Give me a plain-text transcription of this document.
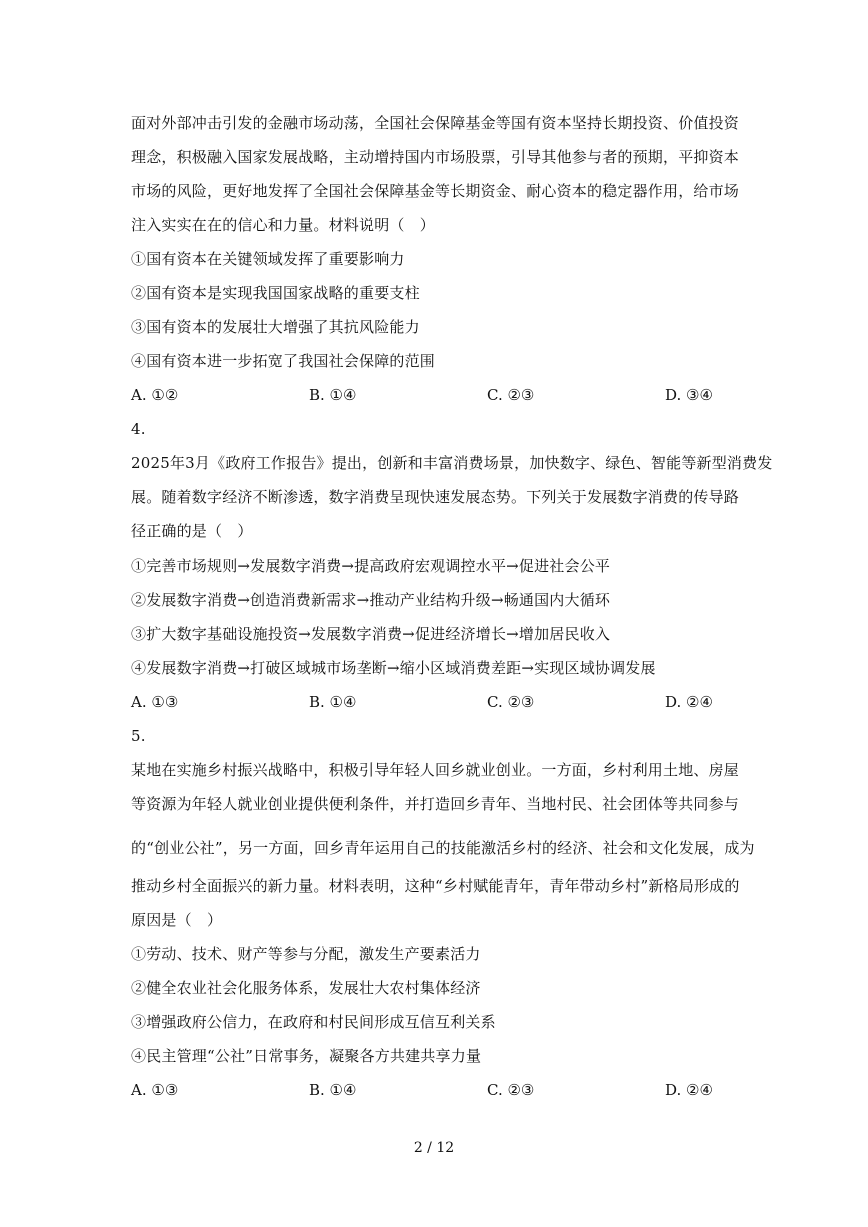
面对外部冲击引发的金融市场动荡，全国社会保障基金等国有资本坚持长期投资、价值投资
理念，积极融入国家发展战略，主动增持国内市场股票，引导其他参与者的预期，平抑资本
市场的风险，更好地发挥了全国社会保障基金等长期资金、耐心资本的稳定器作用，给市场
注入实实在在的信心和力量。材料说明（　）
①国有资本在关键领域发挥了重要影响力
②国有资本是实现我国国家战略的重要支柱
③国有资本的发展壮大增强了其抗风险能力
④国有资本进一步拓宽了我国社会保障的范围
A. ①②	B. ①④	C. ②③	D. ③④
4.
2025年3月《政府工作报告》提出，创新和丰富消费场景，加快数字、绿色、智能等新型消费发
展。随着数字经济不断渗透，数字消费呈现快速发展态势。下列关于发展数字消费的传导路
径正确的是（　）
①完善市场规则→发展数字消费→提高政府宏观调控水平→促进社会公平
②发展数字消费→创造消费新需求→推动产业结构升级→畅通国内大循环
③扩大数字基础设施投资→发展数字消费→促进经济增长→增加居民收入
④发展数字消费→打破区域城市场垄断→缩小区域消费差距→实现区域协调发展
A. ①③	B. ①④	C. ②③	D. ②④
5.
某地在实施乡村振兴战略中，积极引导年轻人回乡就业创业。一方面，乡村利用土地、房屋
等资源为年轻人就业创业提供便利条件，并打造回乡青年、当地村民、社会团体等共同参与
的“创业公社”，另一方面，回乡青年运用自己的技能激活乡村的经济、社会和文化发展，成为
推动乡村全面振兴的新力量。材料表明，这种“乡村赋能青年，青年带动乡村”新格局形成的
原因是（　）
①劳动、技术、财产等参与分配，激发生产要素活力
②健全农业社会化服务体系，发展壮大农村集体经济
③增强政府公信力，在政府和村民间形成互信互利关系
④民主管理“公社”日常事务，凝聚各方共建共享力量
A. ①③	B. ①④	C. ②③	D. ②④
2 / 12
